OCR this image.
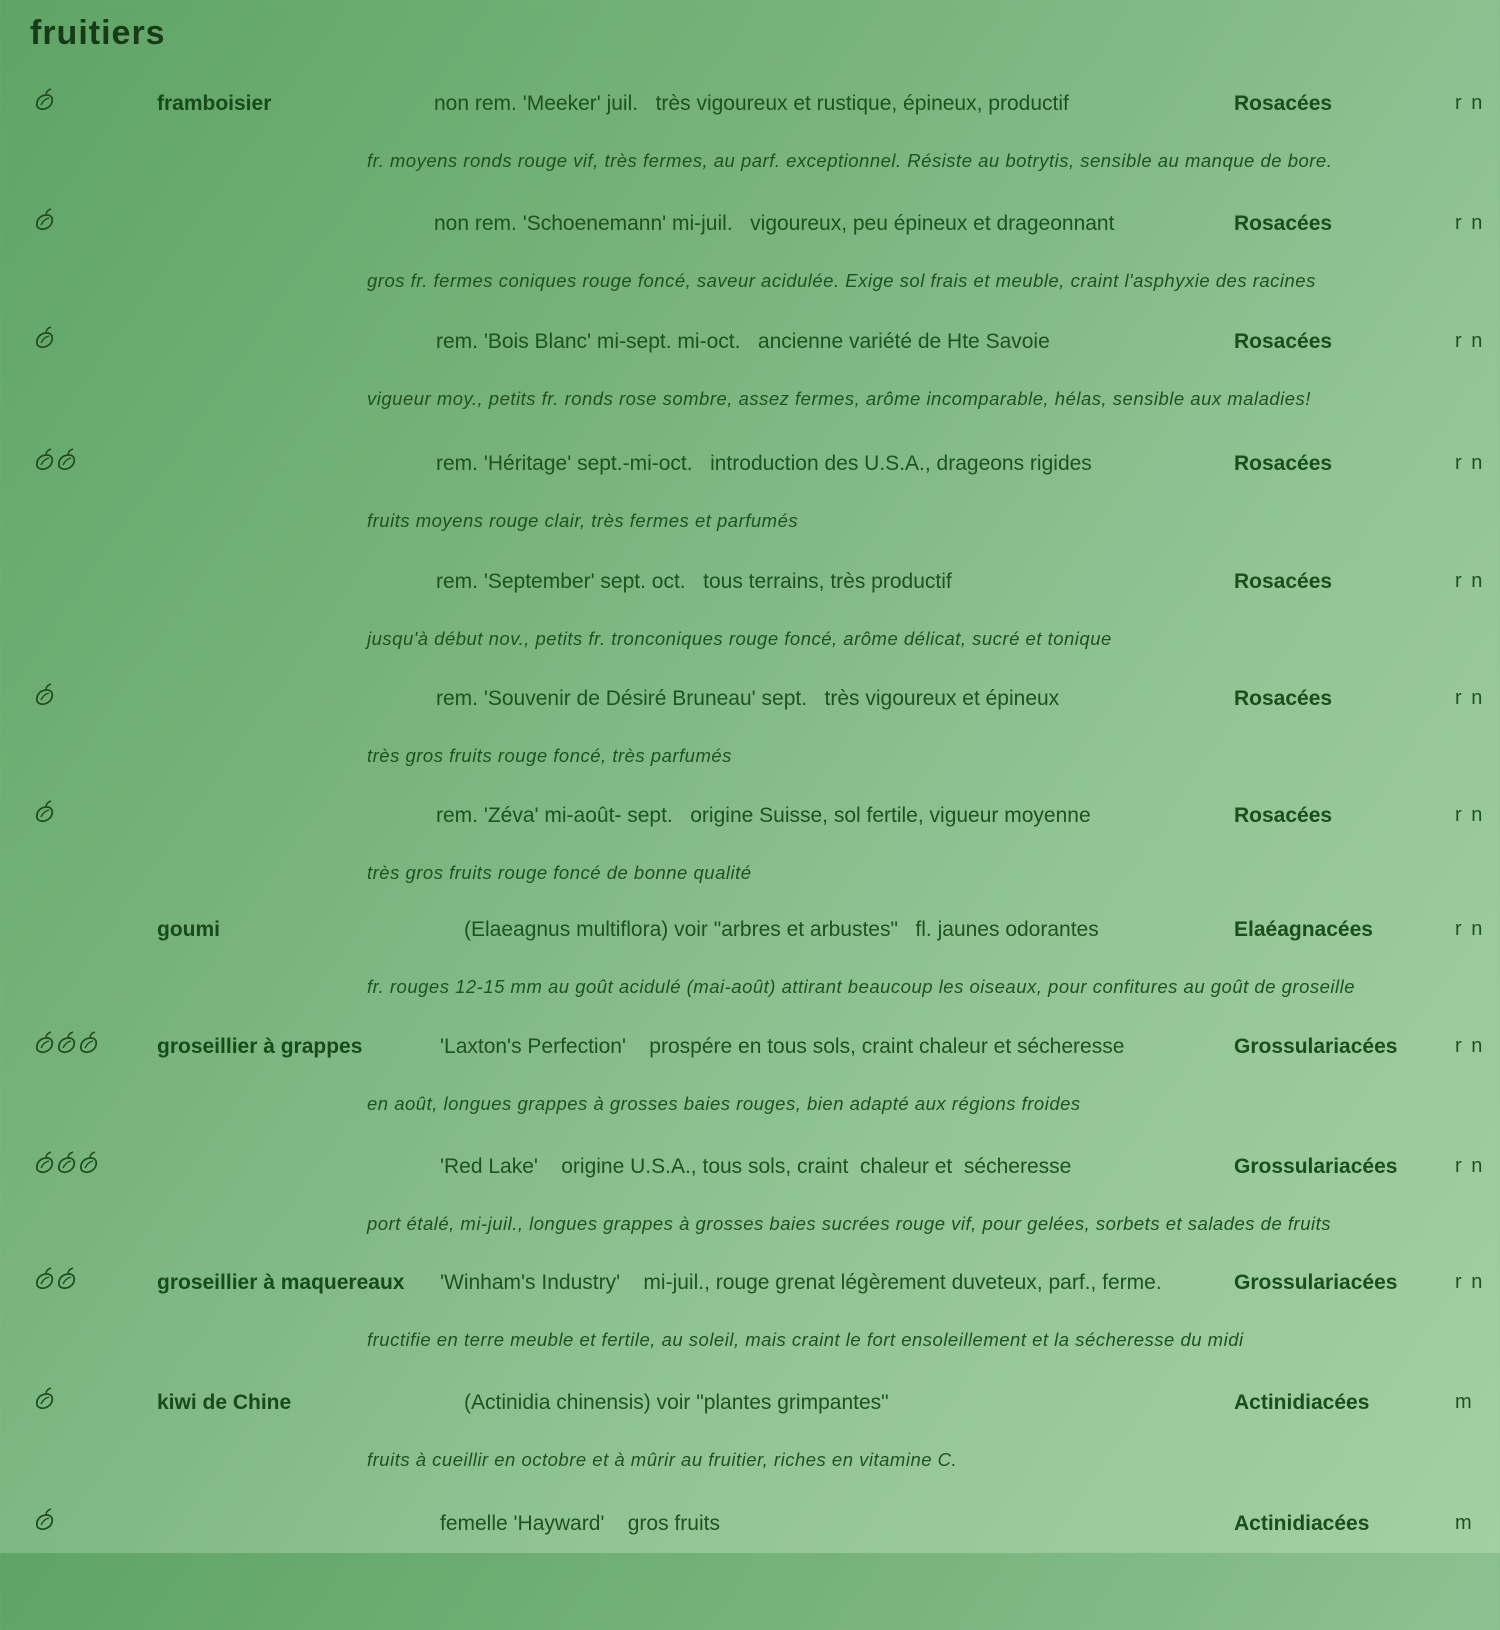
fruitiers
framboisier	non rem. 'Meeker' juil.   très vigoureux et rustique, épineux, productif	Rosacées	r n
fr. moyens ronds rouge vif, très fermes, au parf. exceptionnel. Résiste au botrytis, sensible au manque de bore.
non rem. 'Schoenemann' mi-juil.   vigoureux, peu épineux et drageonnant	Rosacées	r n
gros fr. fermes coniques rouge foncé, saveur acidulée. Exige sol frais et meuble, craint l'asphyxie des racines
rem. 'Bois Blanc' mi-sept. mi-oct.   ancienne variété de Hte Savoie	Rosacées	r n
vigueur moy., petits fr. ronds rose sombre, assez fermes, arôme incomparable, hélas, sensible aux maladies!
rem. 'Héritage' sept.-mi-oct.   introduction des U.S.A., drageons rigides	Rosacées	r n
fruits moyens rouge clair, très fermes et parfumés
rem. 'September' sept. oct.   tous terrains, très productif	Rosacées	r n
jusqu'à début nov., petits fr. tronconiques rouge foncé, arôme délicat, sucré et tonique
rem. 'Souvenir de Désiré Bruneau' sept.   très vigoureux et épineux	Rosacées	r n
très gros fruits rouge foncé, très parfumés
rem. 'Zéva' mi-août- sept.   origine Suisse, sol fertile, vigueur moyenne	Rosacées	r n
très gros fruits rouge foncé de bonne qualité
goumi	(Elaeagnus multiflora) voir "arbres et arbustes"   fl. jaunes odorantes	Elaéagnacées	r n
fr. rouges 12-15 mm au goût acidulé (mai-août) attirant beaucoup les oiseaux, pour confitures au goût de groseille
groseillier à grappes	'Laxton's Perfection'    prospére en tous sols, craint chaleur et sécheresse	Grossulariacées	r n
en août, longues grappes à grosses baies rouges, bien adapté aux régions froides
'Red Lake'    origine U.S.A., tous sols, craint  chaleur et  sécheresse	Grossulariacées	r n
port étalé, mi-juil., longues grappes à grosses baies sucrées rouge vif, pour gelées, sorbets et salades de fruits
groseillier à maquereaux 'Winham's Industry'    mi-juil., rouge grenat légèrement duveteux, parf., ferme.	Grossulariacées	r n
fructifie en terre meuble et fertile, au soleil, mais craint le fort ensoleillement et la sécheresse du midi
kiwi de Chine	(Actinidia chinensis) voir "plantes grimpantes"	Actinidiacées	m
fruits à cueillir en octobre et à mûrir au fruitier, riches en vitamine C.
femelle 'Hayward'    gros fruits	Actinidiacées	m
